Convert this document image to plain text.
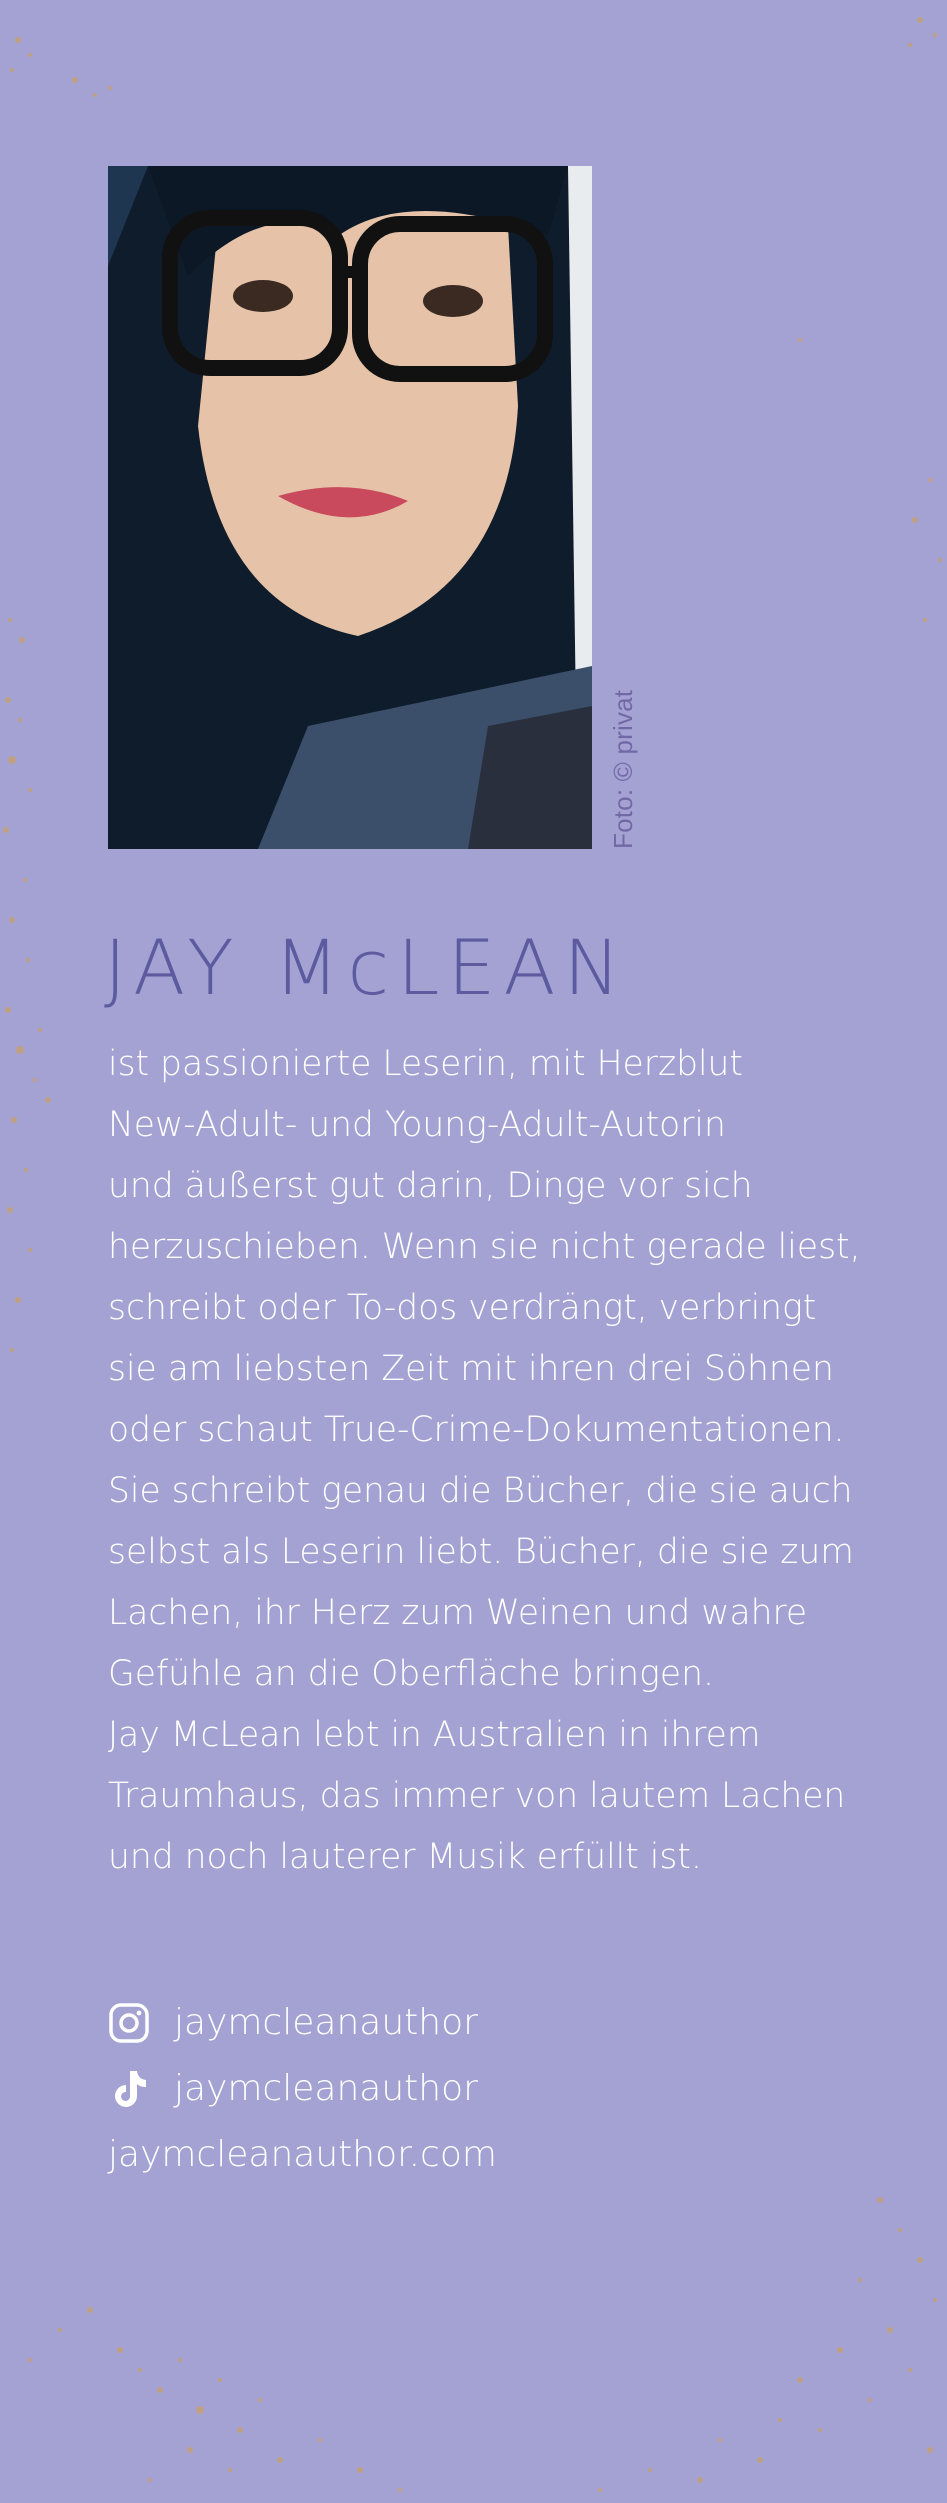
Foto: © privat
JAY McLEAN
ist passionierte Leserin, mit Herzblut
New-Adult- und Young-Adult-Autorin
und äußerst gut darin, Dinge vor sich
herzuschieben. Wenn sie nicht gerade liest,
schreibt oder To-dos verdrängt, verbringt
sie am liebsten Zeit mit ihren drei Söhnen
oder schaut True-Crime-Dokumentationen.
Sie schreibt genau die Bücher, die sie auch
selbst als Leserin liebt. Bücher, die sie zum
Lachen, ihr Herz zum Weinen und wahre
Gefühle an die Oberfläche bringen.
Jay McLean lebt in Australien in ihrem
Traumhaus, das immer von lautem Lachen
und noch lauterer Musik erfüllt ist.
jaymcleanauthor
jaymcleanauthor
jaymcleanauthor.com
